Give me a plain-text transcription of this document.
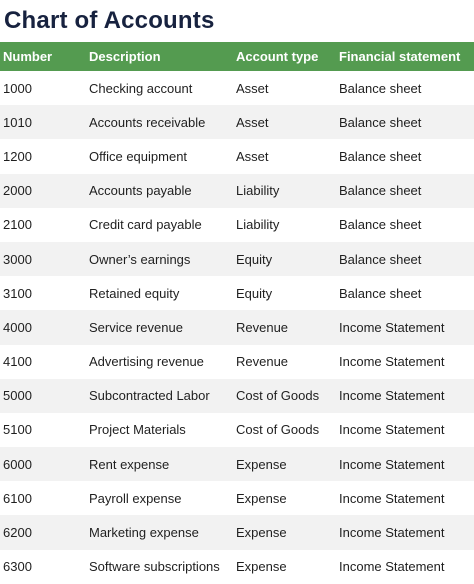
Chart of Accounts
Number	Description	Account type	Financial statement
1000	Checking account	Asset	Balance sheet
1010	Accounts receivable	Asset	Balance sheet
1200	Office equipment	Asset	Balance sheet
2000	Accounts payable	Liability	Balance sheet
2100	Credit card payable	Liability	Balance sheet
3000	Owner’s earnings	Equity	Balance sheet
3100	Retained equity	Equity	Balance sheet
4000	Service revenue	Revenue	Income Statement
4100	Advertising revenue	Revenue	Income Statement
5000	Subcontracted Labor	Cost of Goods	Income Statement
5100	Project Materials	Cost of Goods	Income Statement
6000	Rent expense	Expense	Income Statement
6100	Payroll expense	Expense	Income Statement
6200	Marketing expense	Expense	Income Statement
6300	Software subscriptions	Expense	Income Statement
